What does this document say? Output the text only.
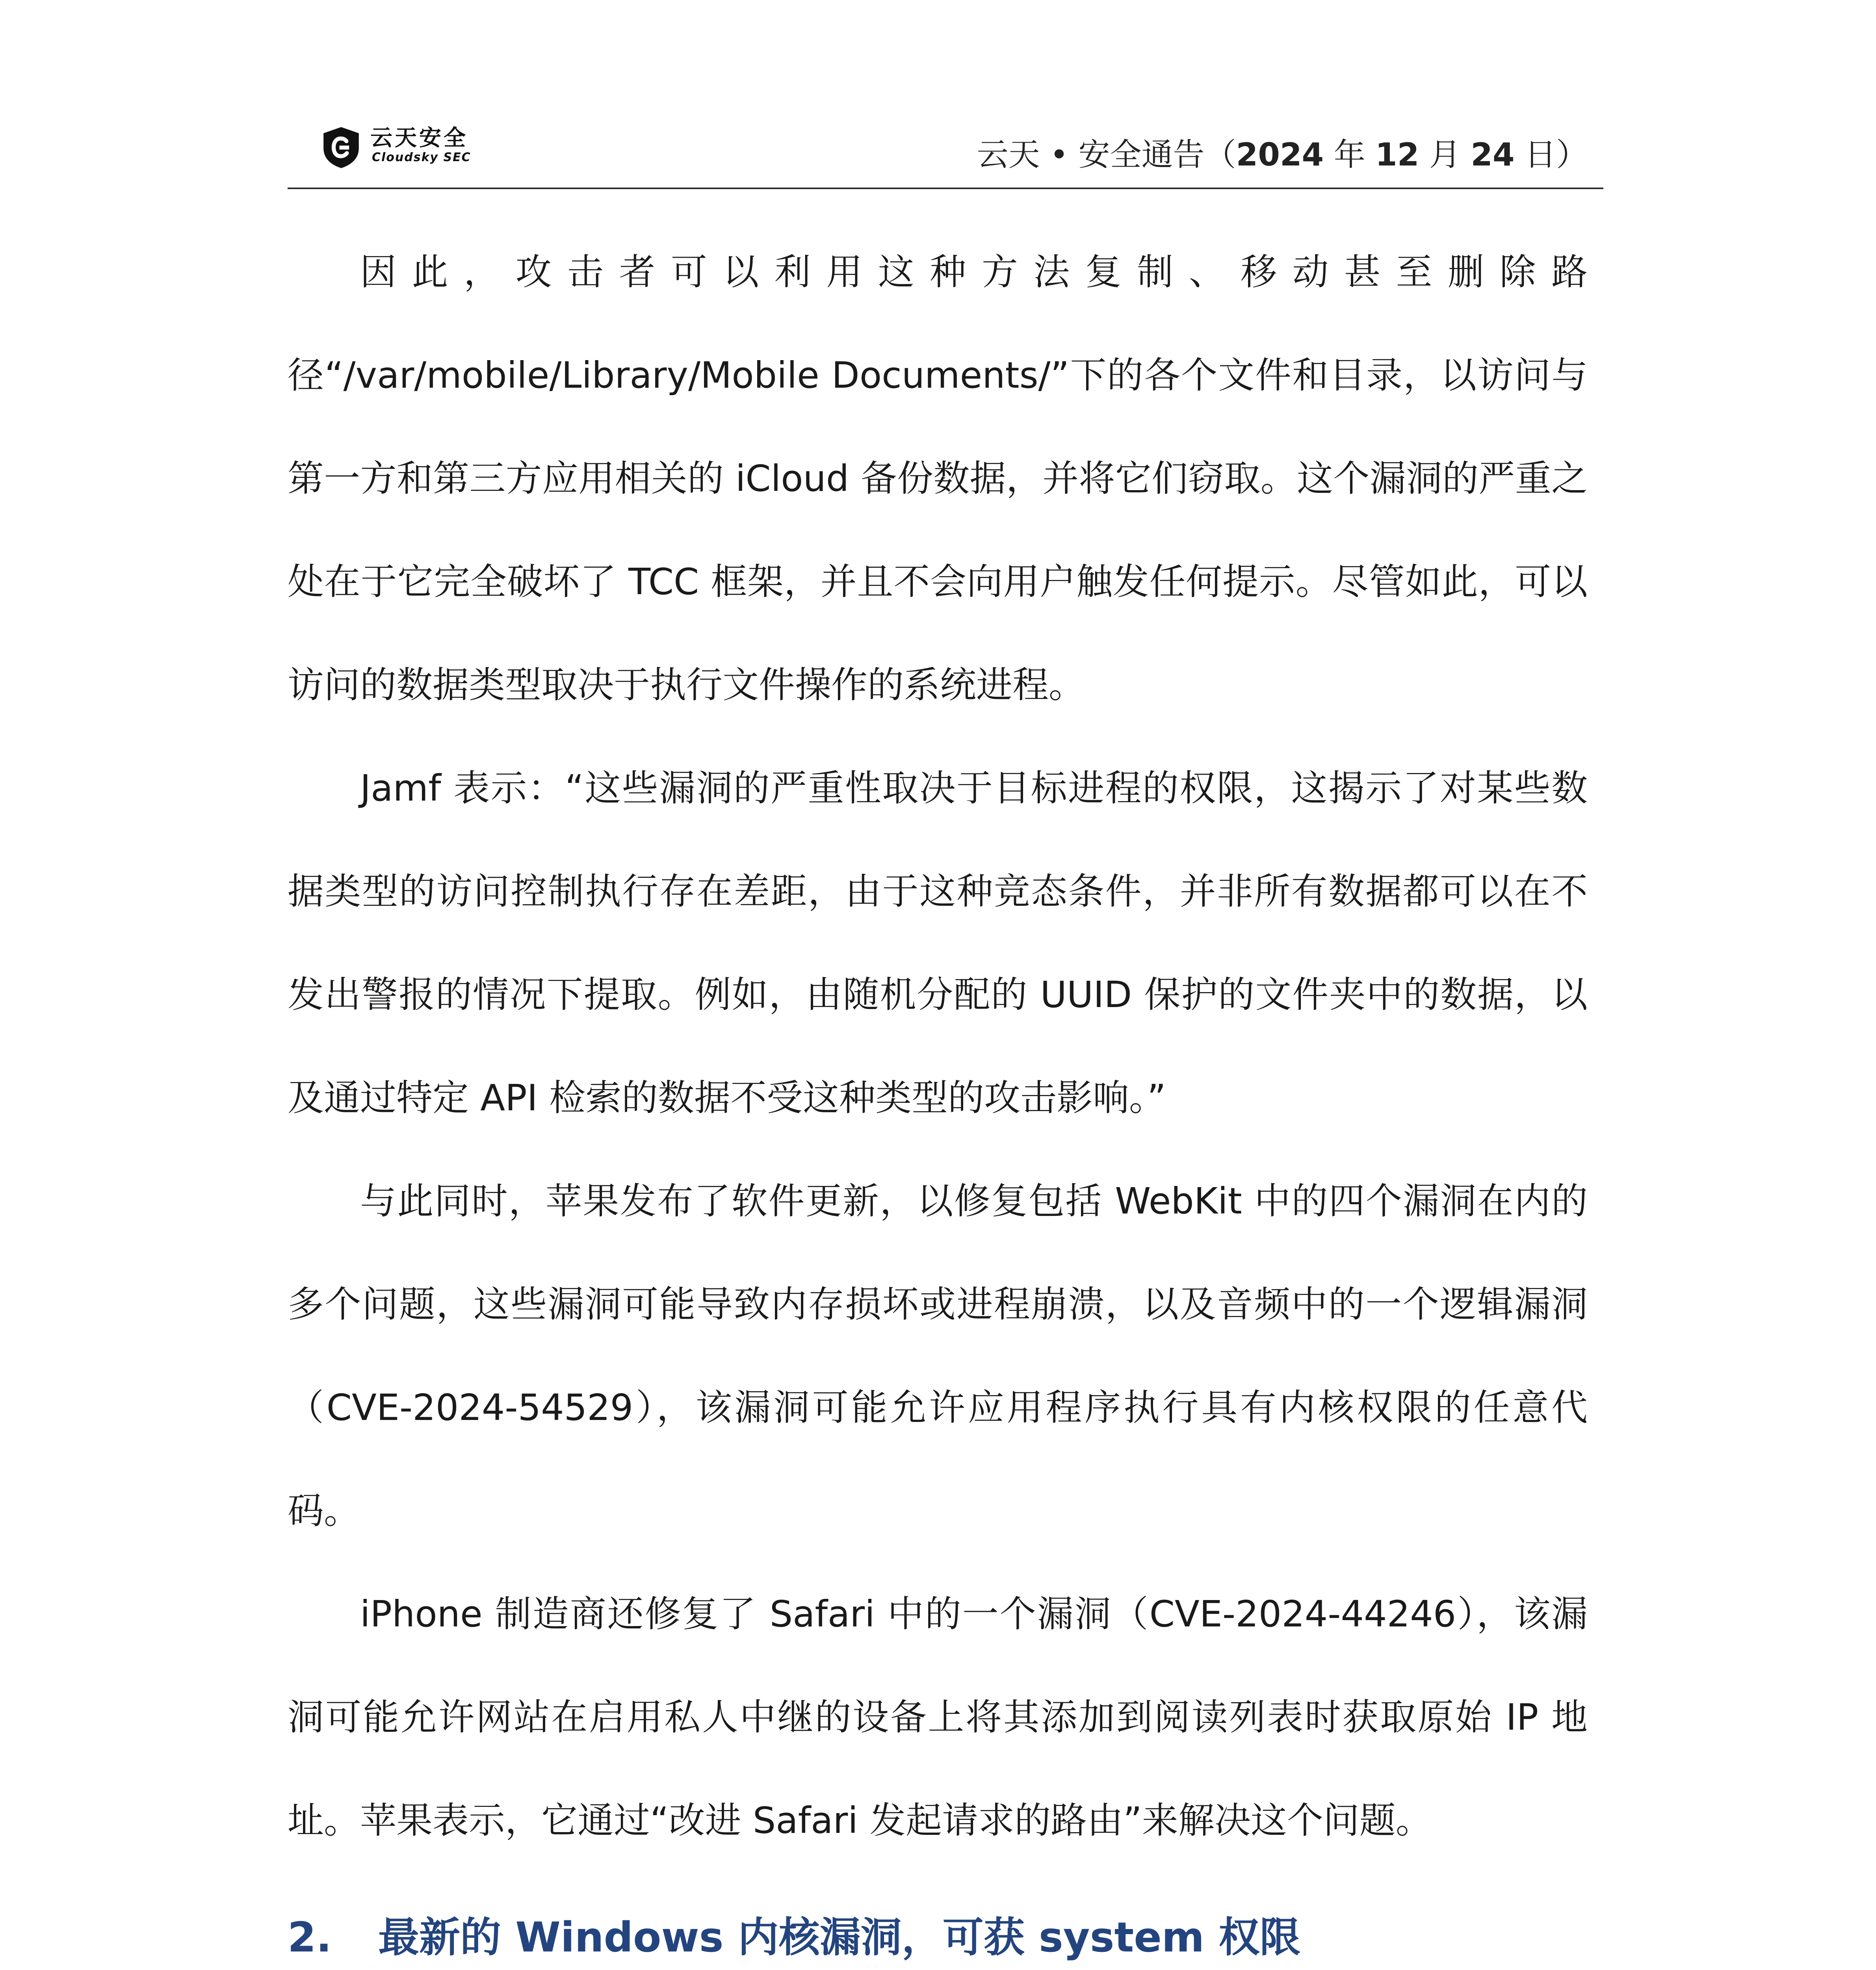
云天安全
Cloudsky SEC	云天 • 安全通告（2024 年 12 月 24 日）

因此，攻击者可以利用这种方法复制、移动甚至删除路径“/var/mobile/Library/Mobile Documents/”下的各个文件和目录，以访问与第一方和第三方应用相关的 iCloud 备份数据，并将它们窃取。这个漏洞的严重之处在于它完全破坏了 TCC 框架，并且不会向用户触发任何提示。尽管如此，可以访问的数据类型取决于执行文件操作的系统进程。

Jamf 表示：“这些漏洞的严重性取决于目标进程的权限，这揭示了对某些数据类型的访问控制执行存在差距，由于这种竞态条件，并非所有数据都可以在不发出警报的情况下提取。例如，由随机分配的 UUID 保护的文件夹中的数据，以及通过特定 API 检索的数据不受这种类型的攻击影响。”

与此同时，苹果发布了软件更新，以修复包括 WebKit 中的四个漏洞在内的多个问题，这些漏洞可能导致内存损坏或进程崩溃，以及音频中的一个逻辑漏洞（CVE-2024-54529），该漏洞可能允许应用程序执行具有内核权限的任意代码。

iPhone 制造商还修复了 Safari 中的一个漏洞（CVE-2024-44246），该漏洞可能允许网站在启用私人中继的设备上将其添加到阅读列表时获取原始 IP 地址。苹果表示，它通过“改进 Safari 发起请求的路由”来解决这个问题。

2. 最新的 Windows 内核漏洞，可获 system 权限
